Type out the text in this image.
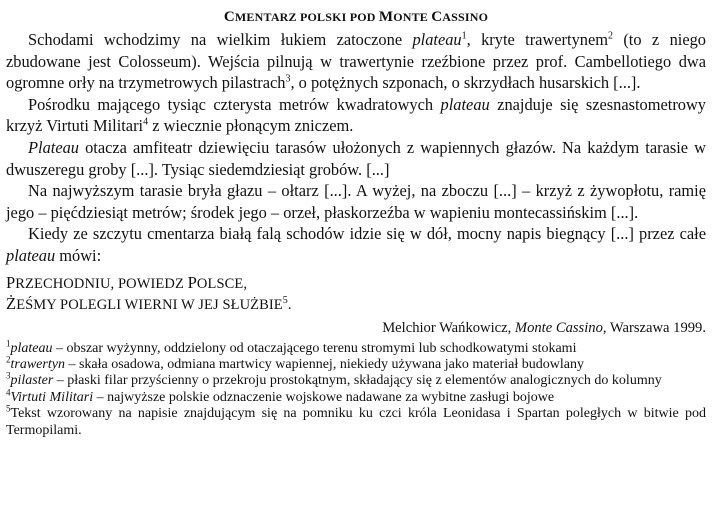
CMENTARZ POLSKI POD MONTE CASSINO

Schodami wchodzimy na wielkim łukiem zatoczone plateau$^1$, kryte trawertynem$^2$ (to z niego zbudowane jest Colosseum). Wejścia pilnują w trawertynie rzeźbione przez prof. Cambellotiego dwa ogromne orły na trzymetrowych pilastrach$^3$, o potężnych szponach, o skrzydłach husarskich [...].

Pośrodku mającego tysiąc czterysta metrów kwadratowych plateau znajduje się szesnastometrowy krzyż Virtuti Militari$^4$ z wiecznie płonącym zniczem.

Plateau otacza amfiteatr dziewięciu tarasów ułożonych z wapiennych głazów. Na każdym tarasie w dwuszeregu groby [...]. Tysiąc siedemdziesiąt grobów. [...]

Na najwyższym tarasie bryła głazu – ołtarz [...]. A wyżej, na zboczu [...] – krzyż z żywopłotu, ramię jego – pięćdziesiąt metrów; środek jego – orzeł, płaskorzeźba w wapieniu montecassińskim [...].

Kiedy ze szczytu cmentarza białą falą schodów idzie się w dół, mocny napis biegnący [...] przez całe plateau mówi:

PRZECHODNIU, POWIEDZ POLSCE,
ŻEŚMY POLEGLI WIERNI W JEJ SŁUŻBIE$^5$.
Melchior Wańkowicz, Monte Cassino, Warszawa 1999.

$^1$plateau – obszar wyżynny, oddzielony od otaczającego terenu stromymi lub schodkowatymi stokami

$^2$trawertyn – skała osadowa, odmiana martwicy wapiennej, niekiedy używana jako materiał budowlany

$^3$pilaster – płaski filar przyścienny o przekroju prostokątnym, składający się z elementów analogicznych do kolumny

$^4$Virtuti Militari – najwyższe polskie odznaczenie wojskowe nadawane za wybitne zasługi bojowe

$^5$Tekst wzorowany na napisie znajdującym się na pomniku ku czci króla Leonidasa i Spartan poległych w bitwie pod Termopilami.
